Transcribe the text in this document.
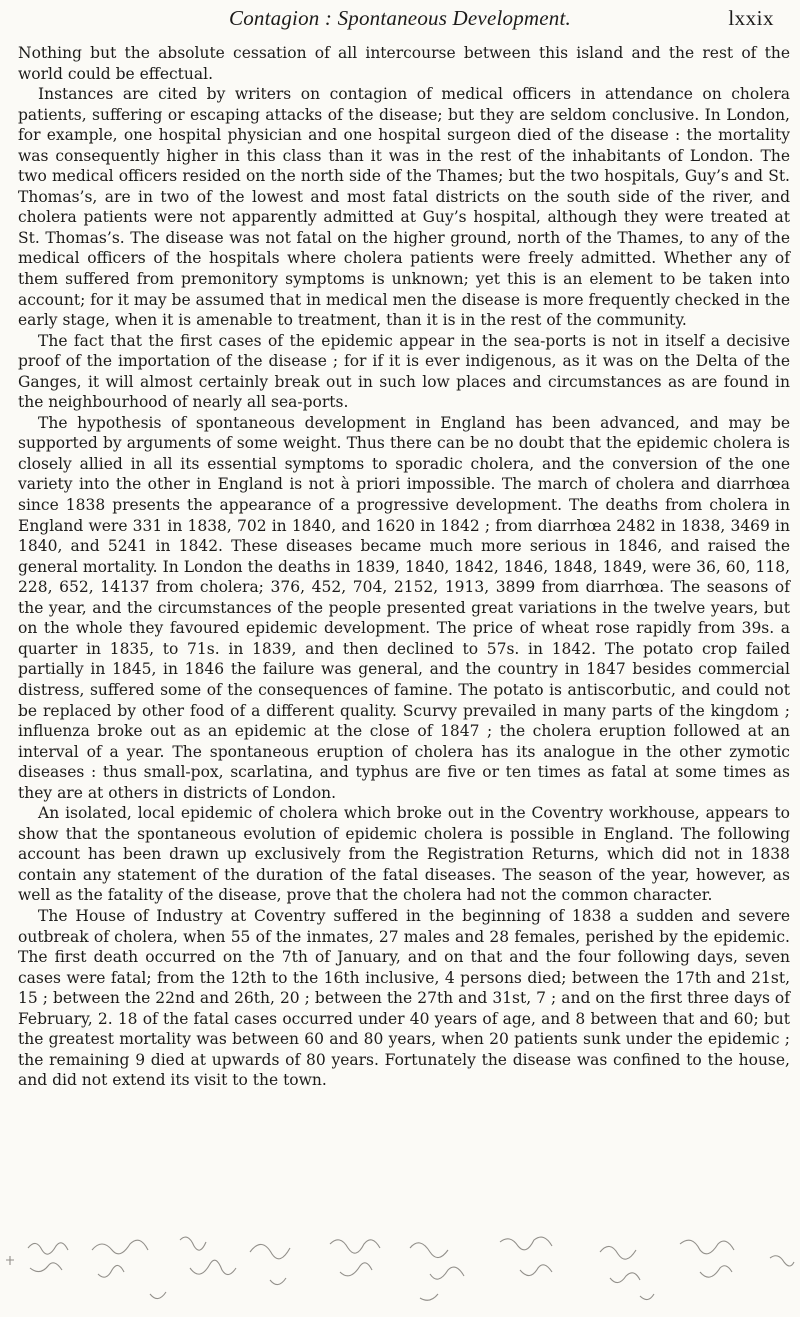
Contagion : Spontaneous Development.	lxxix

Nothing but the absolute cessation of all intercourse between this island and the rest of the world could be effectual.

Instances are cited by writers on contagion of medical officers in attendance on cholera patients, suffering or escaping attacks of the disease; but they are seldom conclusive. In London, for example, one hospital physician and one hospital surgeon died of the disease : the mortality was consequently higher in this class than it was in the rest of the inhabitants of London. The two medical officers resided on the north side of the Thames; but the two hospitals, Guy’s and St. Thomas’s, are in two of the lowest and most fatal districts on the south side of the river, and cholera patients were not apparently admitted at Guy’s hospital, although they were treated at St. Thomas’s. The disease was not fatal on the higher ground, north of the Thames, to any of the medical officers of the hospitals where cholera patients were freely admitted. Whether any of them suffered from premonitory symptoms is unknown; yet this is an element to be taken into account; for it may be assumed that in medical men the disease is more frequently checked in the early stage, when it is amenable to treatment, than it is in the rest of the community.

The fact that the first cases of the epidemic appear in the sea-ports is not in itself a decisive proof of the importation of the disease ; for if it is ever indigenous, as it was on the Delta of the Ganges, it will almost certainly break out in such low places and circumstances as are found in the neighbourhood of nearly all sea-ports.

The hypothesis of spontaneous development in England has been advanced, and may be supported by arguments of some weight. Thus there can be no doubt that the epidemic cholera is closely allied in all its essential symptoms to sporadic cholera, and the conversion of the one variety into the other in England is not à priori impossible. The march of cholera and diarrhœa since 1838 presents the appearance of a progressive development. The deaths from cholera in England were 331 in 1838, 702 in 1840, and 1620 in 1842 ; from diarrhœa 2482 in 1838, 3469 in 1840, and 5241 in 1842. These diseases became much more serious in 1846, and raised the general mortality. In London the deaths in 1839, 1840, 1842, 1846, 1848, 1849, were 36, 60, 118, 228, 652, 14137 from cholera; 376, 452, 704, 2152, 1913, 3899 from diarrhœa. The seasons of the year, and the circumstances of the people presented great variations in the twelve years, but on the whole they favoured epidemic development. The price of wheat rose rapidly from 39s. a quarter in 1835, to 71s. in 1839, and then declined to 57s. in 1842. The potato crop failed partially in 1845, in 1846 the failure was general, and the country in 1847 besides commercial distress, suffered some of the consequences of famine. The potato is antiscorbutic, and could not be replaced by other food of a different quality. Scurvy prevailed in many parts of the kingdom ; influenza broke out as an epidemic at the close of 1847 ; the cholera eruption followed at an interval of a year. The spontaneous eruption of cholera has its analogue in the other zymotic diseases : thus small-pox, scarlatina, and typhus are five or ten times as fatal at some times as they are at others in districts of London.

An isolated, local epidemic of cholera which broke out in the Coventry workhouse, appears to show that the spontaneous evolution of epidemic cholera is possible in England. The following account has been drawn up exclusively from the Registration Returns, which did not in 1838 contain any statement of the duration of the fatal diseases. The season of the year, however, as well as the fatality of the disease, prove that the cholera had not the common character.

The House of Industry at Coventry suffered in the beginning of 1838 a sudden and severe outbreak of cholera, when 55 of the inmates, 27 males and 28 females, perished by the epidemic. The first death occurred on the 7th of January, and on that and the four following days, seven cases were fatal; from the 12th to the 16th inclusive, 4 persons died; between the 17th and 21st, 15 ; between the 22nd and 26th, 20 ; between the 27th and 31st, 7 ; and on the first three days of February, 2. 18 of the fatal cases occurred under 40 years of age, and 8 between that and 60; but the greatest mortality was between 60 and 80 years, when 20 patients sunk under the epidemic ; the remaining 9 died at upwards of 80 years. Fortunately the disease was confined to the house, and did not extend its visit to the town.
